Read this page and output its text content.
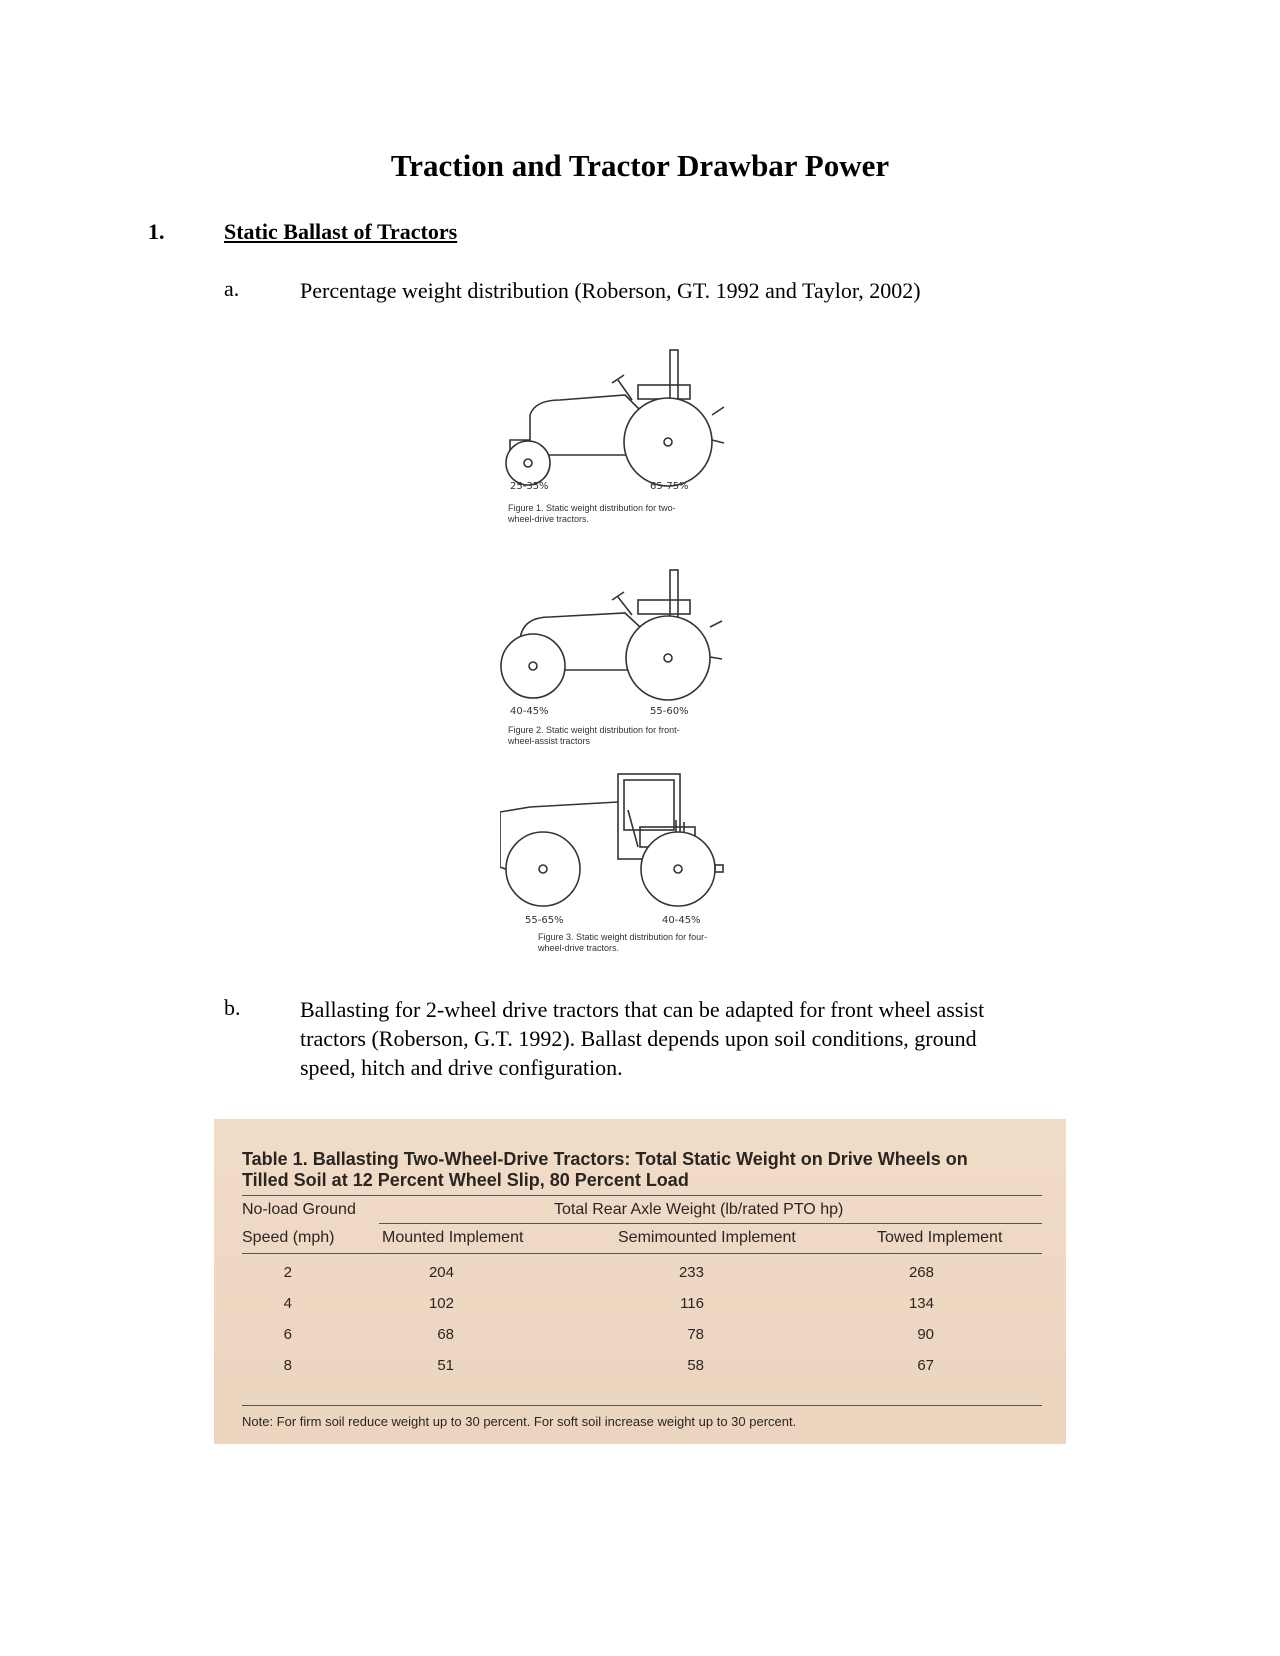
Traction and Tractor Drawbar Power
1.	Static Ballast of Tractors
a.	Percentage weight distribution (Roberson, GT. 1992 and Taylor, 2002)
25-35%	65-75%
Figure 1. Static weight distribution for two-
wheel-drive tractors.
40-45%	55-60%
Figure 2. Static weight distribution for front-
wheel-assist tractors
55-65%	40-45%
Figure 3. Static weight distribution for four-
wheel-drive tractors.
b.	Ballasting for 2-wheel drive tractors that can be adapted for front wheel assist
tractors (Roberson, G.T. 1992). Ballast depends upon soil conditions, ground
speed, hitch and drive configuration.
Table 1. Ballasting Two-Wheel-Drive Tractors: Total Static Weight on Drive Wheels on
Tilled Soil at 12 Percent Wheel Slip, 80 Percent Load
No-load Ground	Total Rear Axle Weight (lb/rated PTO hp)
Speed (mph)	Mounted Implement	Semimounted Implement	Towed Implement
2	204	233	268
4	102	116	134
6	68	78	90
8	51	58	67
Note: For firm soil reduce weight up to 30 percent. For soft soil increase weight up to 30 percent.
